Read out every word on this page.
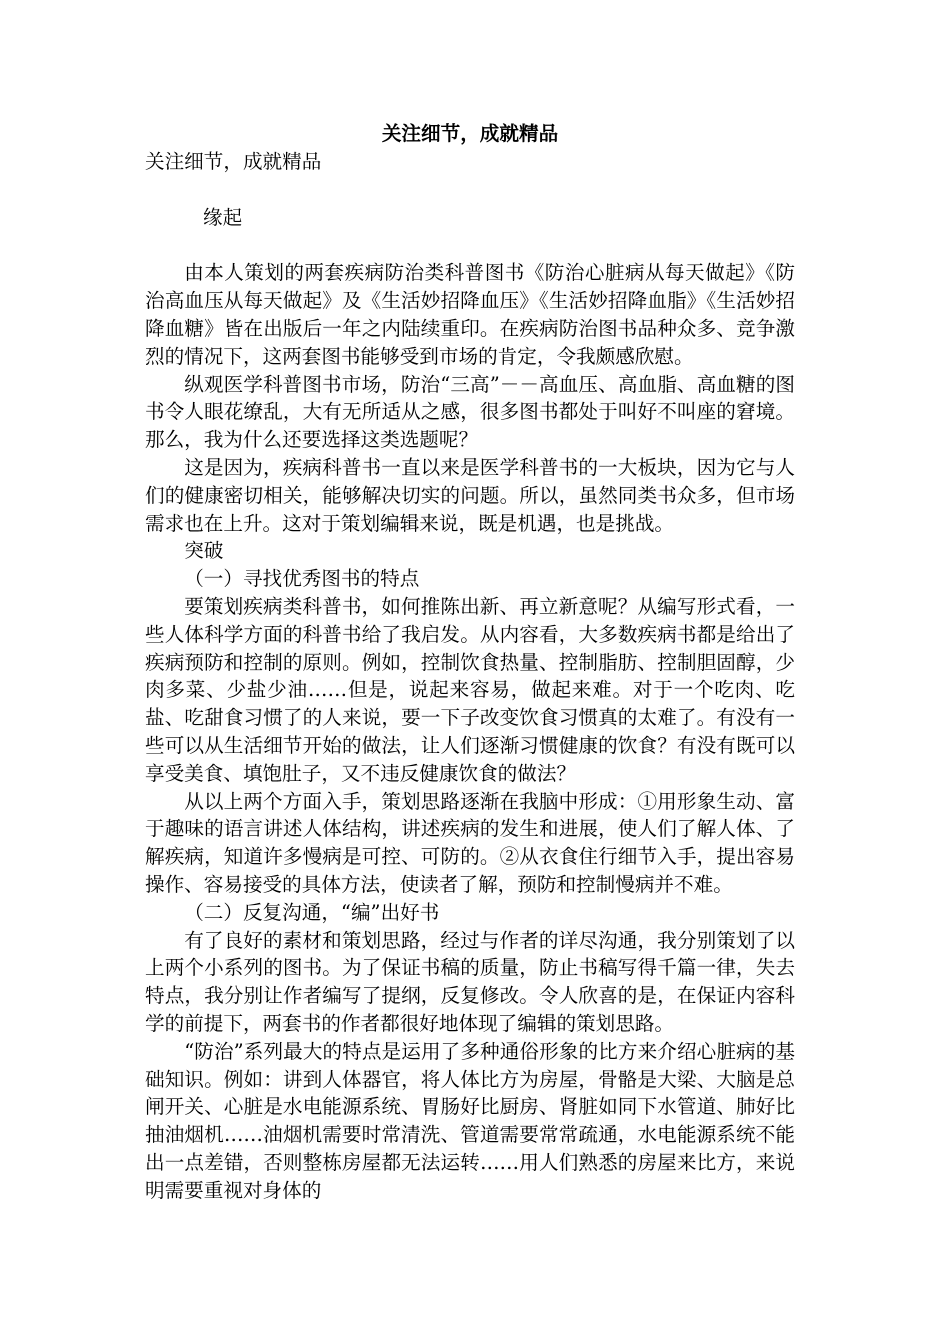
关注细节，成就精品

关注细节，成就精品

缘起

由本人策划的两套疾病防治类科普图书《防治心脏病从每天做起》《防治高血压从每天做起》及《生活妙招降血压》《生活妙招降血脂》《生活妙招降血糖》皆在出版后一年之内陆续重印。在疾病防治图书品种众多、竞争激烈的情况下，这两套图书能够受到市场的肯定，令我颇感欣慰。

纵观医学科普图书市场，防治“三高”－－高血压、高血脂、高血糖的图书令人眼花缭乱，大有无所适从之感，很多图书都处于叫好不叫座的窘境。那么，我为什么还要选择这类选题呢？

这是因为，疾病科普书一直以来是医学科普书的一大板块，因为它与人们的健康密切相关，能够解决切实的问题。所以，虽然同类书众多，但市场需求也在上升。这对于策划编辑来说，既是机遇，也是挑战。

突破

（一）寻找优秀图书的特点

要策划疾病类科普书，如何推陈出新、再立新意呢？从编写形式看，一些人体科学方面的科普书给了我启发。从内容看，大多数疾病书都是给出了疾病预防和控制的原则。例如，控制饮食热量、控制脂肪、控制胆固醇，少肉多菜、少盐少油……但是，说起来容易，做起来难。对于一个吃肉、吃盐、吃甜食习惯了的人来说，要一下子改变饮食习惯真的太难了。有没有一些可以从生活细节开始的做法，让人们逐渐习惯健康的饮食？有没有既可以享受美食、填饱肚子，又不违反健康饮食的做法？

从以上两个方面入手，策划思路逐渐在我脑中形成：①用形象生动、富于趣味的语言讲述人体结构，讲述疾病的发生和进展，使人们了解人体、了解疾病，知道许多慢病是可控、可防的。②从衣食住行细节入手，提出容易操作、容易接受的具体方法，使读者了解，预防和控制慢病并不难。

（二）反复沟通，“编”出好书

有了良好的素材和策划思路，经过与作者的详尽沟通，我分别策划了以上两个小系列的图书。为了保证书稿的质量，防止书稿写得千篇一律，失去特点，我分别让作者编写了提纲，反复修改。令人欣喜的是，在保证内容科学的前提下，两套书的作者都很好地体现了编辑的策划思路。

“防治”系列最大的特点是运用了多种通俗形象的比方来介绍心脏病的基础知识。例如：讲到人体器官，将人体比方为房屋，骨骼是大梁、大脑是总闸开关、心脏是水电能源系统、胃肠好比厨房、肾脏如同下水管道、肺好比抽油烟机……油烟机需要时常清洗、管道需要常常疏通，水电能源系统不能出一点差错，否则整栋房屋都无法运转……用人们熟悉的房屋来比方，来说明需要重视对身体的
